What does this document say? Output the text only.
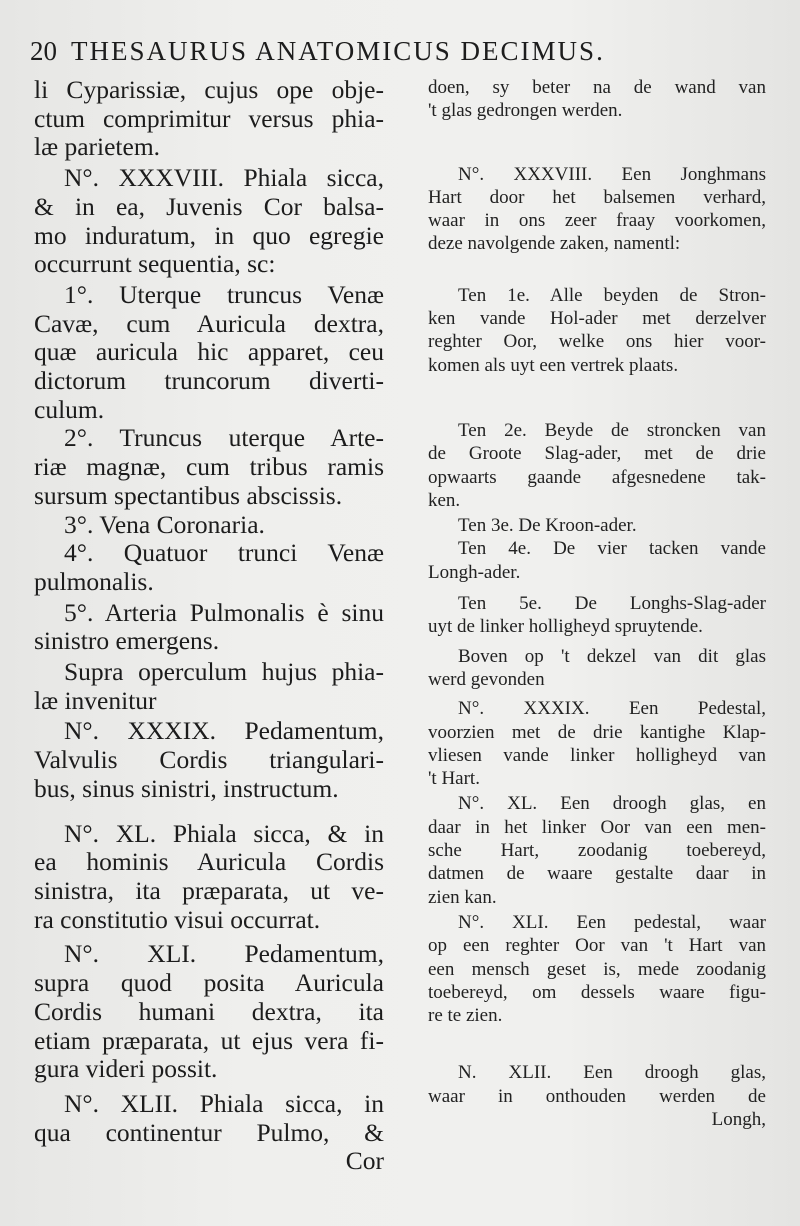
20 THESAURUS ANATOMICUS DECIMUS.
li Cyparissiæ, cujus ope obje-
ctum comprimitur versus phia-
læ parietem.
N°. XXXVIII. Phiala sicca,
& in ea, Juvenis Cor balsa-
mo induratum, in quo egregie
occurrunt sequentia, sc:
1°. Uterque truncus Venæ
Cavæ, cum Auricula dextra,
quæ auricula hic apparet, ceu
dictorum truncorum diverti-
culum.
2°. Truncus uterque Arte-
riæ magnæ, cum tribus ramis
sursum spectantibus abscissis.
3°. Vena Coronaria.
4°. Quatuor trunci Venæ
pulmonalis.
5°. Arteria Pulmonalis è sinu
sinistro emergens.
Supra operculum hujus phia-
læ invenitur
N°. XXXIX. Pedamentum,
Valvulis Cordis triangulari-
bus, sinus sinistri, instructum.
N°. XL. Phiala sicca, & in
ea hominis Auricula Cordis
sinistra, ita præparata, ut ve-
ra constitutio visui occurrat.
N°. XLI. Pedamentum,
supra quod posita Auricula
Cordis humani dextra, ita
etiam præparata, ut ejus vera fi-
gura videri possit.
N°. XLII. Phiala sicca, in
qua continentur Pulmo, &
Cor
doen, sy beter na de wand van
't glas gedrongen werden.
N°. XXXVIII. Een Jonghmans
Hart door het balsemen verhard,
waar in ons zeer fraay voorkomen,
deze navolgende zaken, namentl:
Ten 1e. Alle beyden de Stron-
ken vande Hol-ader met derzelver
reghter Oor, welke ons hier voor-
komen als uyt een vertrek plaats.
Ten 2e. Beyde de stroncken van
de Groote Slag-ader, met de drie
opwaarts gaande afgesnedene tak-
ken.
Ten 3e. De Kroon-ader.
Ten 4e. De vier tacken vande
Longh-ader.
Ten 5e. De Longhs-Slag-ader
uyt de linker holligheyd spruytende.
Boven op 't dekzel van dit glas
werd gevonden
N°. XXXIX. Een Pedestal,
voorzien met de drie kantighe Klap-
vliesen vande linker holligheyd van
't Hart.
N°. XL. Een droogh glas, en
daar in het linker Oor van een men-
sche Hart, zoodanig toebereyd,
datmen de waare gestalte daar in
zien kan.
N°. XLI. Een pedestal, waar
op een reghter Oor van 't Hart van
een mensch geset is, mede zoodanig
toebereyd, om dessels waare figu-
re te zien.
N. XLII. Een droogh glas,
waar in onthouden werden de
Longh,
